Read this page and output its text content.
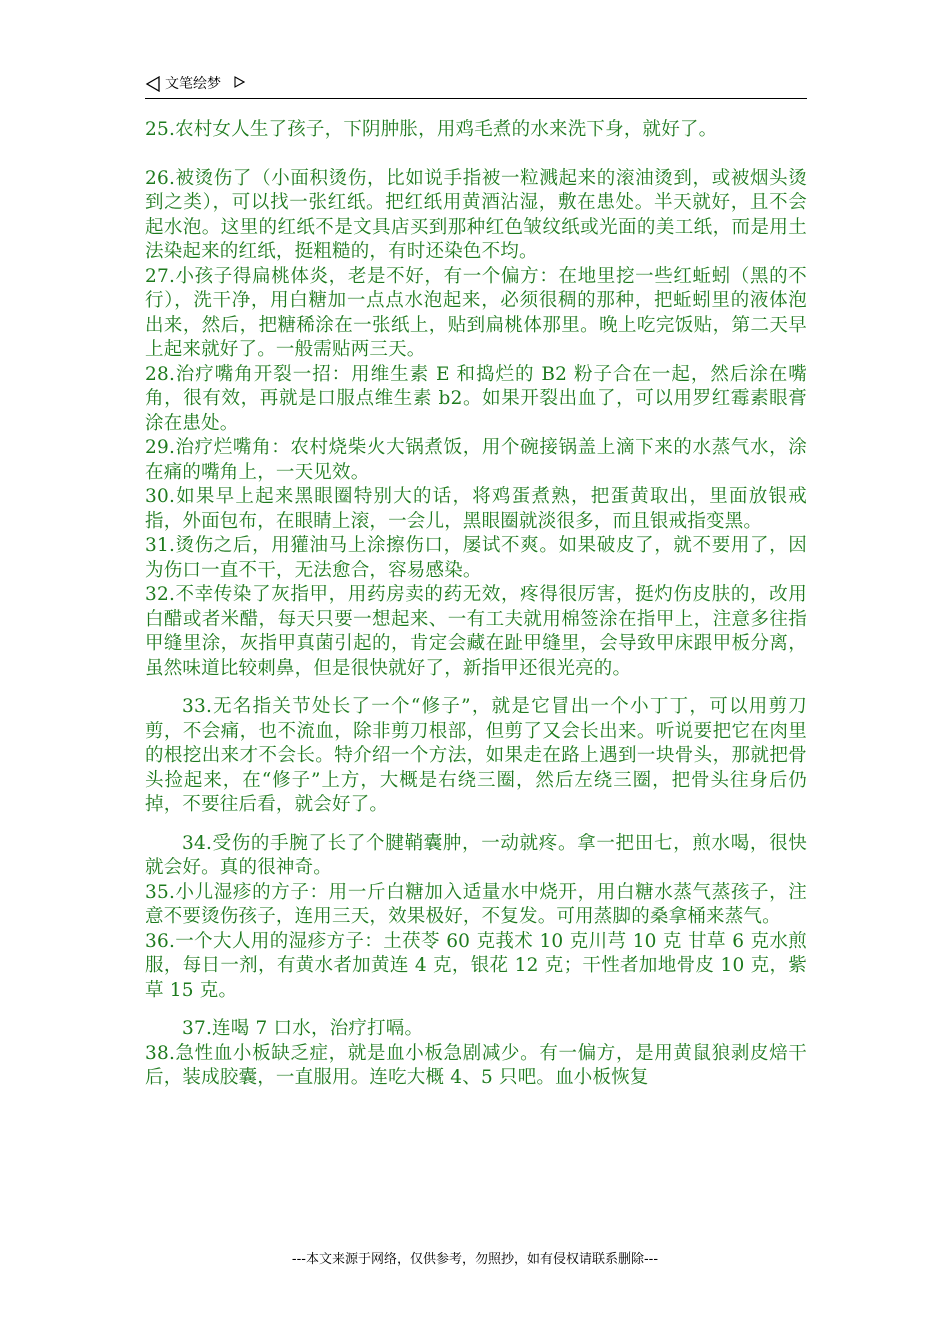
文笔绘梦

25.农村女人生了孩子，下阴肿胀，用鸡毛煮的水来洗下身，就好了。

26.被烫伤了（小面积烫伤，比如说手指被一粒溅起来的滚油烫到，或被烟头烫到之类），可以找一张红纸。把红纸用黄酒沾湿，敷在患处。半天就好，且不会起水泡。这里的红纸不是文具店买到那种红色皱纹纸或光面的美工纸，而是用土法染起来的红纸，挺粗糙的，有时还染色不均。

27.小孩子得扁桃体炎，老是不好，有一个偏方：在地里挖一些红蚯蚓（黑的不行），洗干净，用白糖加一点点水泡起来，必须很稠的那种，把蚯蚓里的液体泡出来，然后，把糖稀涂在一张纸上，贴到扁桃体那里。晚上吃完饭贴，第二天早上起来就好了。一般需贴两三天。

28.治疗嘴角开裂一招：用维生素 E 和捣烂的 B2 粉子合在一起，然后涂在嘴角，很有效，再就是口服点维生素 b2。如果开裂出血了，可以用罗红霉素眼膏涂在患处。

29.治疗烂嘴角：农村烧柴火大锅煮饭，用个碗接锅盖上滴下来的水蒸气水，涂在痛的嘴角上，一天见效。

30.如果早上起来黑眼圈特别大的话，将鸡蛋煮熟，把蛋黄取出，里面放银戒指，外面包布，在眼睛上滚，一会儿，黑眼圈就淡很多，而且银戒指变黑。

31.烫伤之后，用獾油马上涂擦伤口，屡试不爽。如果破皮了，就不要用了，因为伤口一直不干，无法愈合，容易感染。

32.不幸传染了灰指甲，用药房卖的药无效，疼得很厉害，挺灼伤皮肤的，改用白醋或者米醋，每天只要一想起来、一有工夫就用棉签涂在指甲上，注意多往指甲缝里涂，灰指甲真菌引起的，肯定会藏在趾甲缝里，会导致甲床跟甲板分离，虽然味道比较刺鼻，但是很快就好了，新指甲还很光亮的。

33.无名指关节处长了一个“修子”，就是它冒出一个小丁丁，可以用剪刀剪，不会痛，也不流血，除非剪刀根部，但剪了又会长出来。听说要把它在肉里的根挖出来才不会长。特介绍一个方法，如果走在路上遇到一块骨头，那就把骨头捡起来，在“修子”上方，大概是右绕三圈，然后左绕三圈，把骨头往身后仍掉，不要往后看，就会好了。

34.受伤的手腕了长了个腱鞘囊肿，一动就疼。拿一把田七，煎水喝，很快就会好。真的很神奇。

35.小儿湿疹的方子：用一斤白糖加入适量水中烧开，用白糖水蒸气蒸孩子，注意不要烫伤孩子，连用三天，效果极好，不复发。可用蒸脚的桑拿桶来蒸气。

36.一个大人用的湿疹方子：土茯苓 60 克莪术 10 克川芎 10 克 甘草 6 克水煎服，每日一剂，有黄水者加黄连 4 克，银花 12 克；干性者加地骨皮 10 克，紫草 15 克。

37.连喝 7 口水，治疗打嗝。

38.急性血小板缺乏症，就是血小板急剧减少。有一偏方，是用黄鼠狼剥皮焙干后，装成胶囊，一直服用。连吃大概 4、5 只吧。血小板恢复

---本文来源于网络，仅供参考，勿照抄，如有侵权请联系删除---
